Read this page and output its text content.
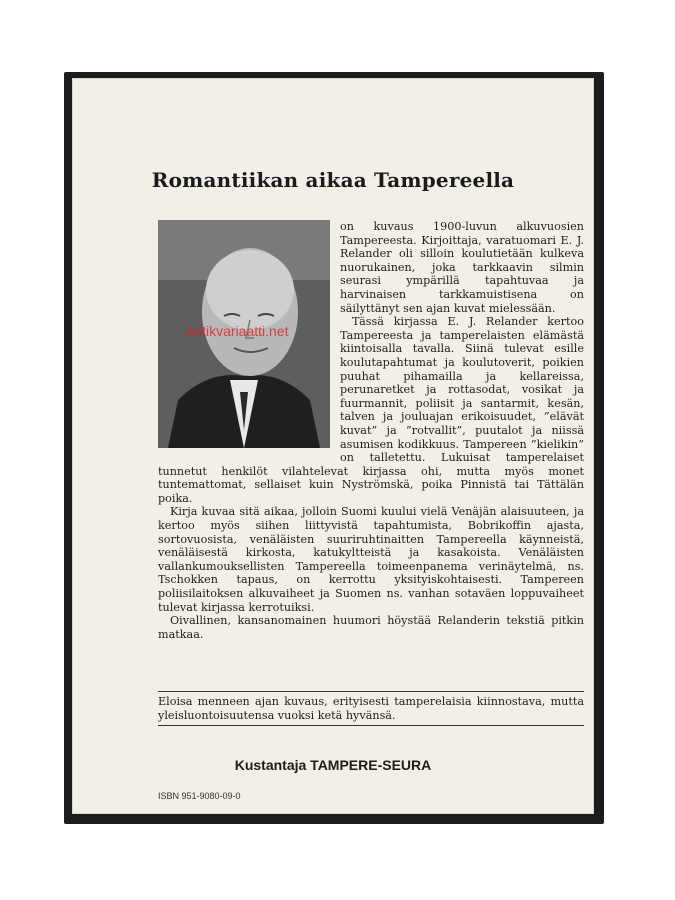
Romantiikan aikaa Tampereella

on kuvaus 1900-luvun alkuvuosien Tampereesta. Kirjoittaja, varatuomari E. J. Relander oli silloin koulutietään kulkeva nuorukainen, joka tarkkaavin silmin seurasi ympärillä tapahtuvaa ja harvinaisen tarkkamuistisena on säilyttänyt sen ajan kuvat mielessään.

Tässä kirjassa E. J. Relander kertoo Tampereesta ja tamperelaisten elämästä kiintoisalla tavalla. Siinä tulevat esille koulutapahtumat ja koulutoverit, poikien puuhat pihamailla ja kellareissa, perunaretket ja rottasodat, vosikat ja fuurmannit, poliisit ja santarmit, kesän, talven ja jouluajan erikoisuudet, ”elävät kuvat” ja ”rotvallit”, puutalot ja niissä asumisen kodikkuus. Tampereen ”kielikin” on talletettu. Lukuisat tamperelaiset tunnetut henkilöt vilahtelevat kirjassa ohi, mutta myös monet tuntemattomat, sellaiset kuin Nyströmskä, poika Pinnistä tai Tättälän poika.

Kirja kuvaa sitä aikaa, jolloin Suomi kuului vielä Venäjän alaisuuteen, ja kertoo myös siihen liittyvistä tapahtumista, Bobrikoffin ajasta, sortovuosista, venäläisten suuriruhtinaitten Tampereella käynneistä, venäläisestä kirkosta, katukyltteistä ja kasakoista. Venäläisten vallankumouksellisten Tampereella toimeenpanema verinäytelmä, ns. Tschokken tapaus, on kerrottu yksityiskohtaisesti. Tampereen poliisilaitoksen alkuvaiheet ja Suomen ns. vanhan sotaväen loppuvaiheet tulevat kirjassa kerrotuiksi.

Oivallinen, kansanomainen huumori höystää Relanderin tekstiä pitkin matkaa.

Eloisa menneen ajan kuvaus, erityisesti tamperelaisia kiinnostava, mutta yleisluontoisuutensa vuoksi ketä hyvänsä.
Kustantaja TAMPERE-SEURA
ISBN 951-9080-09-0
Antikvariaatti.net
